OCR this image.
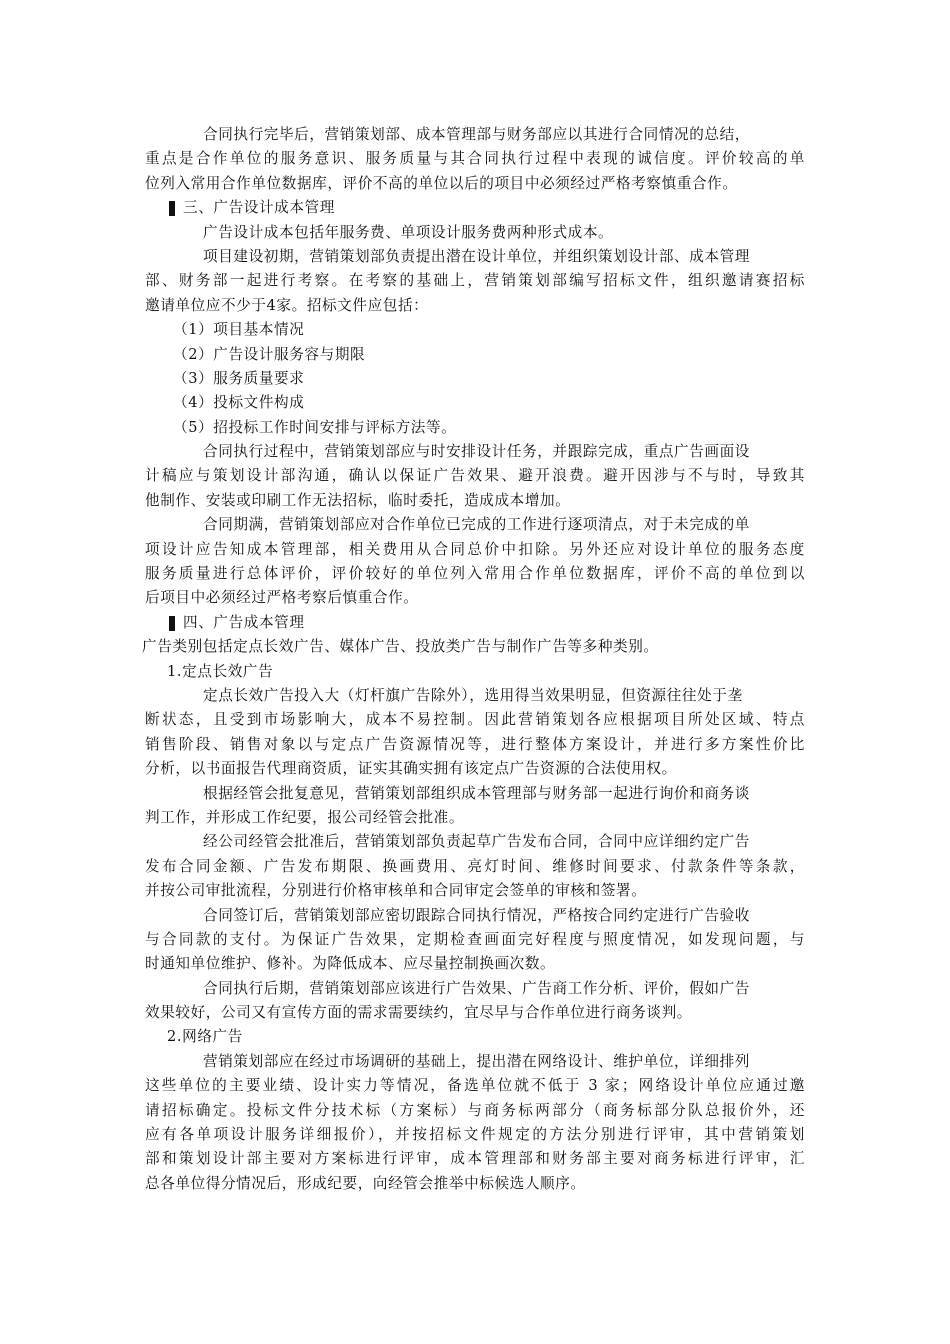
合同执行完毕后，营销策划部、成本管理部与财务部应以其进行合同情况的总结，
重点是合作单位的服务意识、服务质量与其合同执行过程中表现的诚信度。评价较高的单
位列入常用合作单位数据库，评价不高的单位以后的项目中必须经过严格考察慎重合作。
三、广告设计成本管理
广告设计成本包括年服务费、单项设计服务费两种形式成本。
项目建设初期，营销策划部负责提出潜在设计单位，并组织策划设计部、成本管理
部、财务部一起进行考察。在考察的基础上，营销策划部编写招标文件，组织邀请赛招标
邀请单位应不少于4家。招标文件应包括：
（1）项目基本情况
（2）广告设计服务容与期限
（3）服务质量要求
（4）投标文件构成
（5）招投标工作时间安排与评标方法等。
合同执行过程中，营销策划部应与时安排设计任务，并跟踪完成，重点广告画面设
计稿应与策划设计部沟通，确认以保证广告效果、避开浪费。避开因涉与不与时，导致其
他制作、安装或印刷工作无法招标，临时委托，造成成本增加。
合同期满，营销策划部应对合作单位已完成的工作进行逐项清点，对于未完成的单
项设计应告知成本管理部，相关费用从合同总价中扣除。另外还应对设计单位的服务态度
服务质量进行总体评价，评价较好的单位列入常用合作单位数据库，评价不高的单位到以
后项目中必须经过严格考察后慎重合作。
四、广告成本管理
广告类别包括定点长效广告、媒体广告、投放类广告与制作广告等多种类别。
1.定点长效广告
定点长效广告投入大（灯杆旗广告除外），选用得当效果明显，但资源往往处于垄
断状态，且受到市场影响大，成本不易控制。因此营销策划各应根据项目所处区域、特点
销售阶段、销售对象以与定点广告资源情况等，进行整体方案设计，并进行多方案性价比
分析，以书面报告代理商资质，证实其确实拥有该定点广告资源的合法使用权。
根据经管会批复意见，营销策划部组织成本管理部与财务部一起进行询价和商务谈
判工作，并形成工作纪要，报公司经管会批准。
经公司经管会批准后，营销策划部负责起草广告发布合同，合同中应详细约定广告
发布合同金额、广告发布期限、换画费用、亮灯时间、维修时间要求、付款条件等条款，
并按公司审批流程，分别进行价格审核单和合同审定会签单的审核和签署。
合同签订后，营销策划部应密切跟踪合同执行情况，严格按合同约定进行广告验收
与合同款的支付。为保证广告效果，定期检查画面完好程度与照度情况，如发现问题，与
时通知单位维护、修补。为降低成本、应尽量控制换画次数。
合同执行后期，营销策划部应该进行广告效果、广告商工作分析、评价，假如广告
效果较好，公司又有宣传方面的需求需要续约，宜尽早与合作单位进行商务谈判。
2.网络广告
营销策划部应在经过市场调研的基础上，提出潜在网络设计、维护单位，详细排列
这些单位的主要业绩、设计实力等情况，备选单位就不低于 3 家；网络设计单位应通过邀
请招标确定。投标文件分技术标（方案标）与商务标两部分（商务标部分队总报价外，还
应有各单项设计服务详细报价），并按招标文件规定的方法分别进行评审，其中营销策划
部和策划设计部主要对方案标进行评审，成本管理部和财务部主要对商务标进行评审，汇
总各单位得分情况后，形成纪要，向经管会推举中标候选人顺序。
